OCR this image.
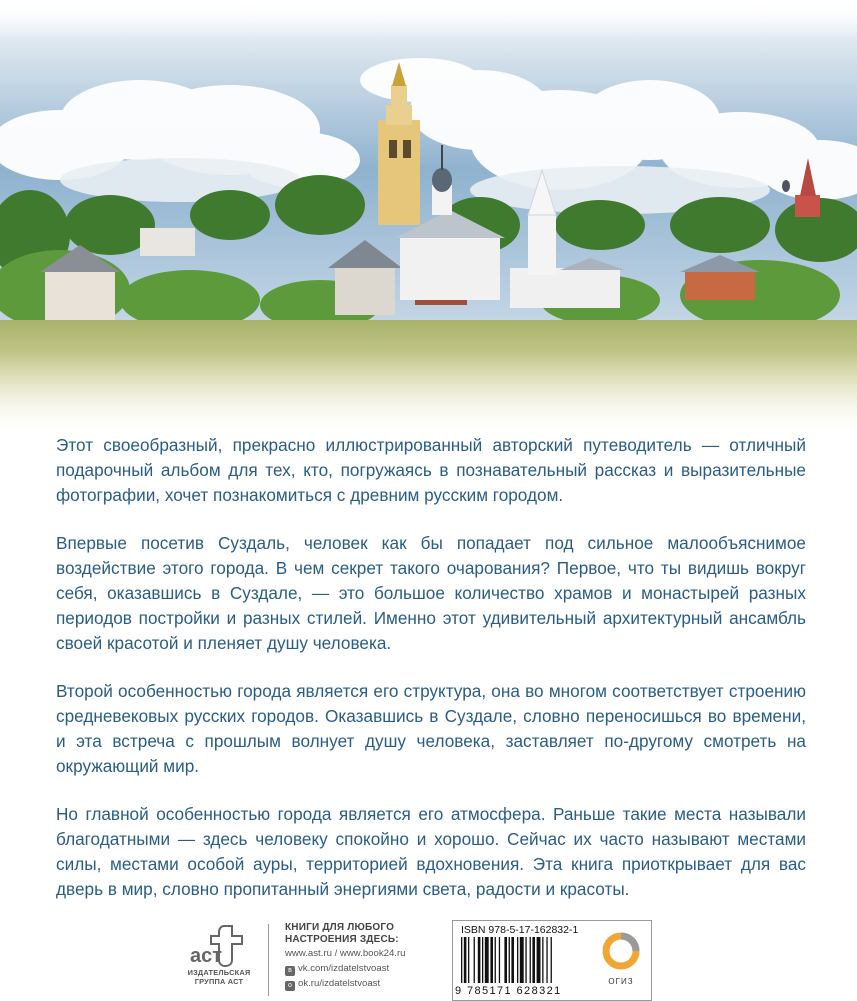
Этот своеобразный, прекрасно иллюстрированный авторский путеводитель — отличный подарочный альбом для тех, кто, погружаясь в познавательный рассказ и выразительные фотографии, хочет познакомиться с древним русским городом.

Впервые посетив Суздаль, человек как бы попадает под сильное малообъяснимое воздействие этого города. В чем секрет такого очарования? Первое, что ты видишь вокруг себя, оказавшись в Суздале, — это большое количество храмов и монастырей разных периодов постройки и разных стилей. Именно этот удивительный архитектурный ансамбль своей красотой и пленяет душу человека.

Второй особенностью города является его структура, она во многом соответствует строению средневековых русских городов. Оказавшись в Суздале, словно переносишься во времени, и эта встреча с прошлым волнует душу человека, заставляет по-другому смотреть на окружающий мир.

Но главной особенностью города является его атмосфера. Раньше такие места называли благодатными — здесь человеку спокойно и хорошо. Сейчас их часто называют местами силы, местами особой ауры, территорией вдохновения. Эта книга приоткрывает для вас дверь в мир, словно пропитанный энергиями света, радости и красоты.

аст
ИЗДАТЕЛЬСКАЯ
ГРУППА АСТ
КНИГИ ДЛЯ ЛЮБОГО
НАСТРОЕНИЯ ЗДЕСЬ:
www.ast.ru / www.book24.ru
в vk.com/izdatelstvoast
о ok.ru/izdatelstvoast
ISBN 978-5-17-162832-1
9 785171 628321
ОГИЗ
